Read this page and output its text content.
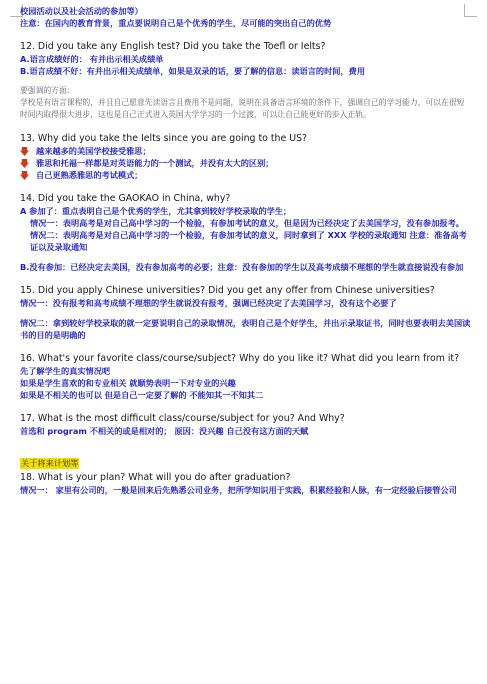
校园活动以及社会活动的参加等）

注意：在国内的教育背景，重点要说明自己是个优秀的学生，尽可能的突出自己的优势

12. Did you take any English test? Did you take the Toefl or Ielts?

A.语言成绩好的： 有并出示相关成绩单

B.语言成绩不好：有并出示相关成绩单，如果是双录的话，要了解的信息：读语言的时间，费用

要强调的方面：

学校是有语言课程的，并且自己愿意先读语言且费用不是问题，说明在具备语言环境的条件下，强调自己的学习能力，可以在很短时间内取得很大进步，这也是自己正式进入英国大学学习的一个过渡，可以让自己能更好的步入正轨。

13. Why did you take the Ielts since you are going to the US?

越来越多的美国学校接受雅思；
雅思和托福一样都是对英语能力的一个测试，并没有太大的区别；
自己更熟悉雅思的考试模式；

14. Did you take the GAOKAO in China, why?

A 参加了：重点表明自己是个优秀的学生，尤其拿到较好学校录取的学生；

情况一：表明高考是对自己高中学习的一个检验，有参加考试的意义，但是因为已经决定了去美国学习，没有参加报考。

情况二：表明高考是对自己高中学习的一个检验，有参加考试的意义，同时拿到了 XXX 学校的录取通知 注意：准备高考证以及录取通知

B.没有参加：已经决定去美国，没有参加高考的必要；注意：没有参加的学生以及高考成绩不理想的学生就直接说没有参加

15. Did you apply Chinese universities? Did you get any offer from Chinese universities?

情况一：没有报考和高考成绩不理想的学生就说没有报考，强调已经决定了去美国学习，没有这个必要了

情况二：拿到较好学校录取的就一定要说明自己的录取情况，表明自己是个好学生，并出示录取证书，同时也要表明去美国读书的目的是明确的

16. What's your favorite class/course/subject? Why do you like it? What did you learn from it?

先了解学生的真实情况吧

如果是学生喜欢的和专业相关 就顺势表明一下对专业的兴趣

如果是不相关的也可以 但是自己一定要了解的 不能知其一不知其二

17. What is the most difficult class/course/subject for you? And Why?

首选和 program 不相关的或是相对的； 原因：没兴趣 自己没有这方面的天赋

关于将来计划等

18. What is your plan? What will you do after graduation?

情况一： 家里有公司的，一般是回来后先熟悉公司业务，把所学知识用于实践，积累经验和人脉，有一定经验后接管公司
